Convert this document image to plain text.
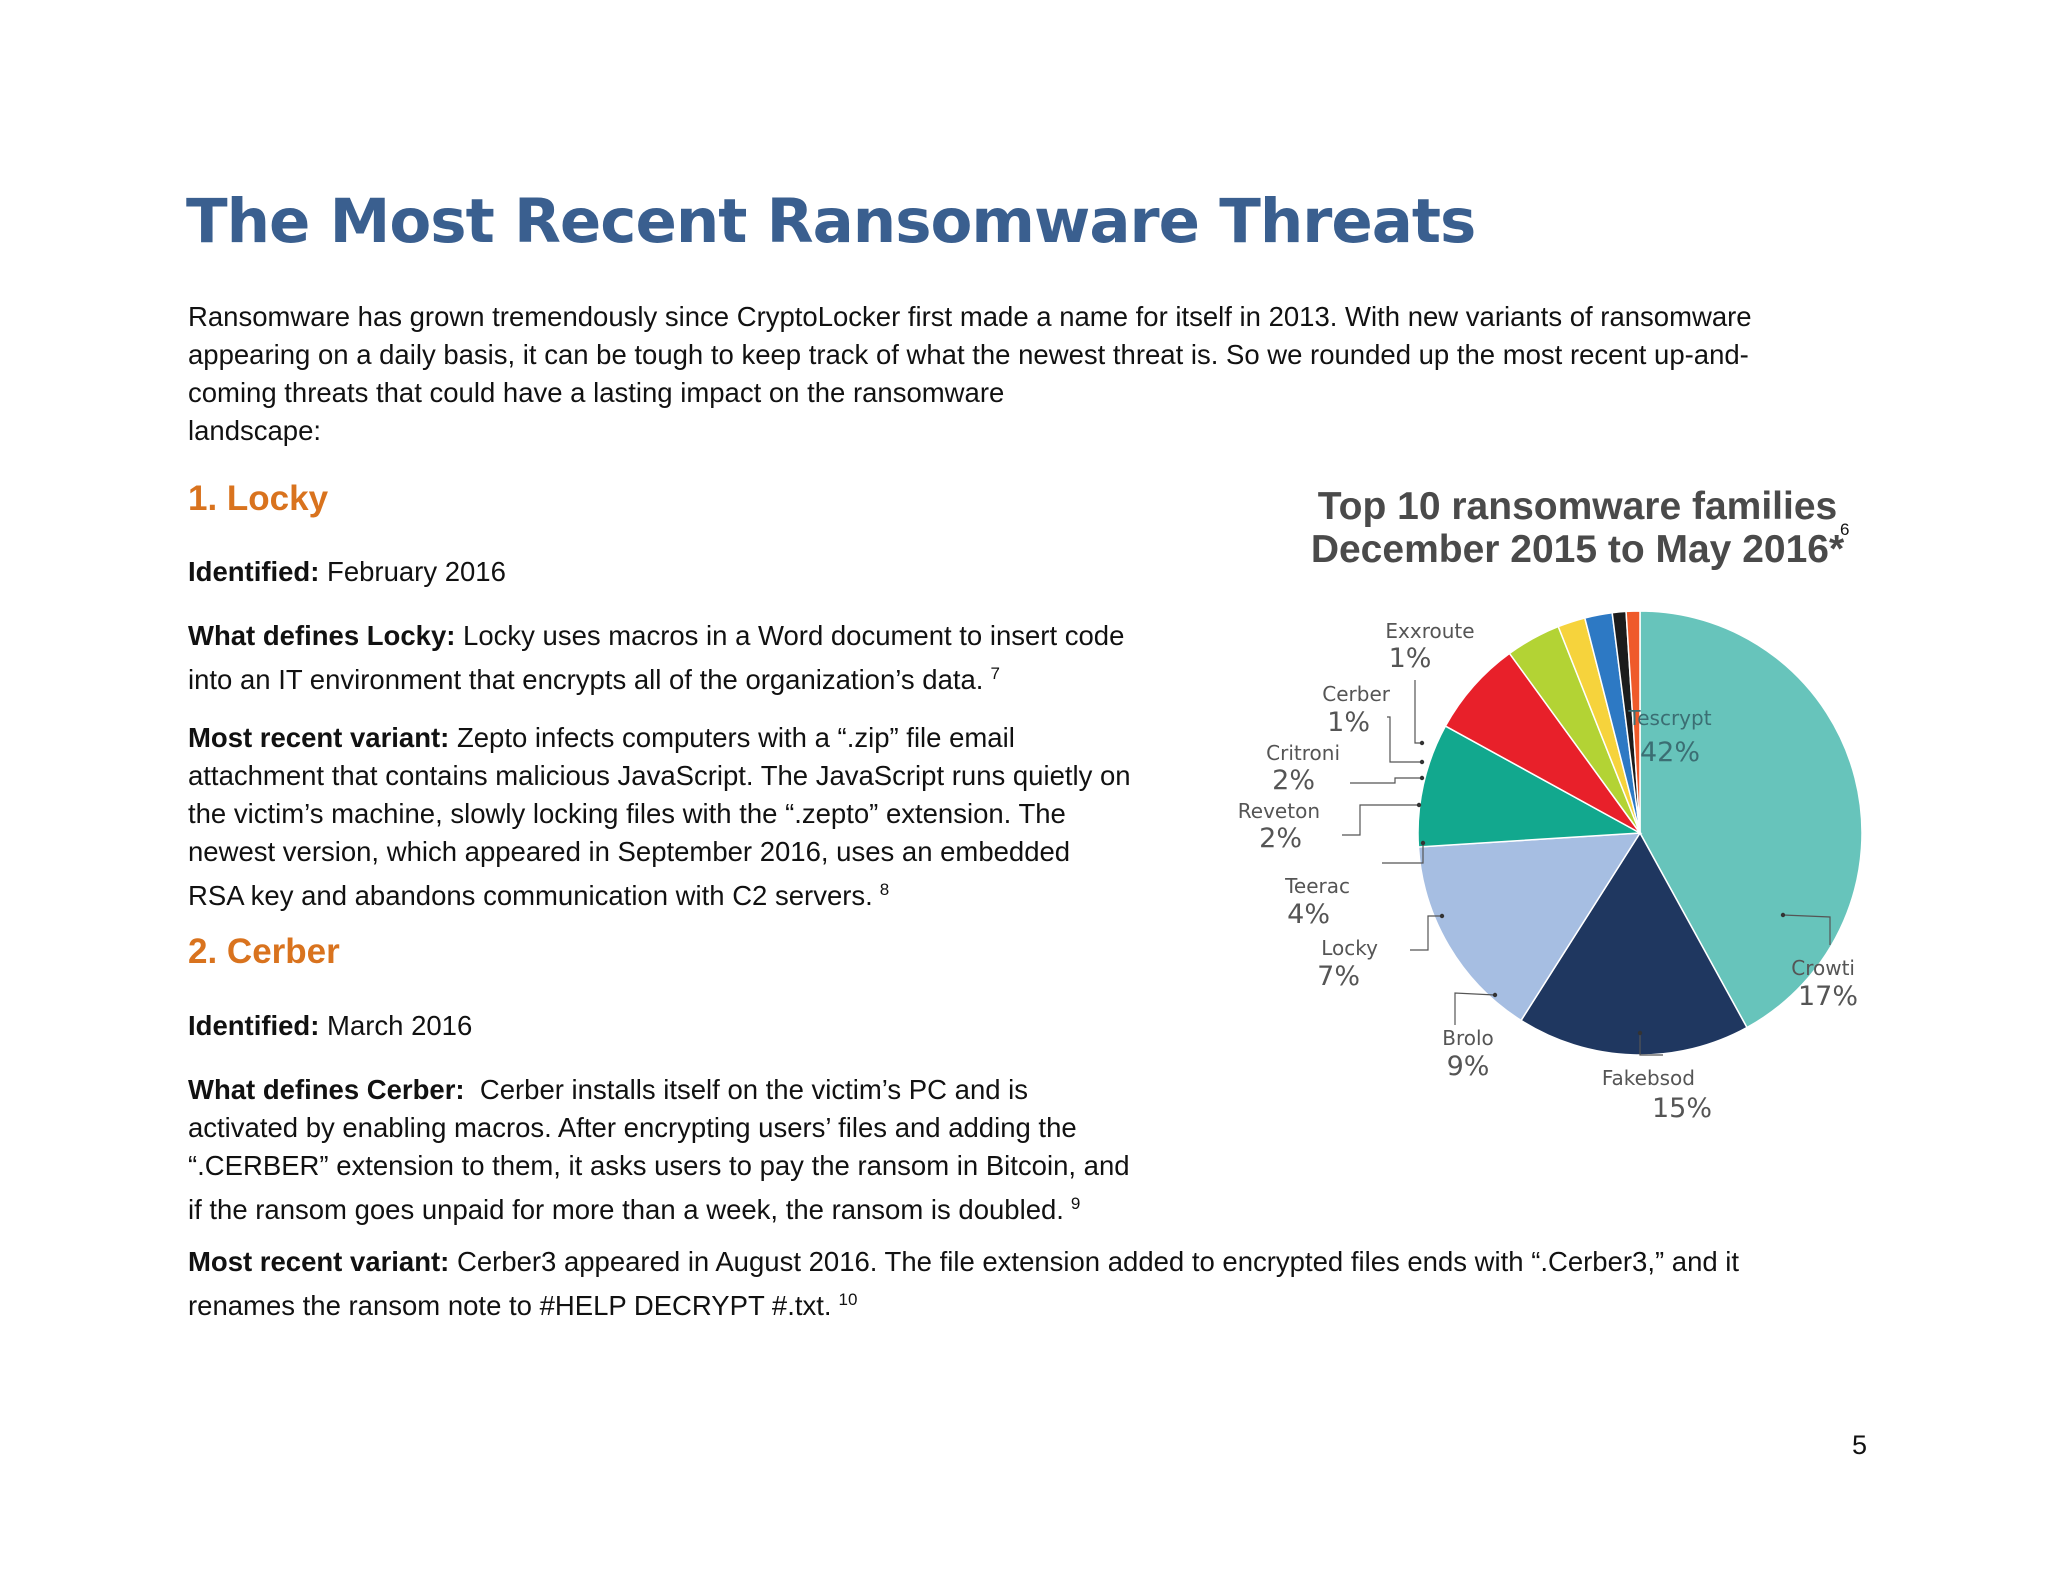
The Most Recent Ransomware Threats

Ransomware has grown tremendously since CryptoLocker first made a name for itself in 2013. With new variants of ransomware
appearing on a daily basis, it can be tough to keep track of what the newest threat is. So we rounded up the most recent up-and-
coming threats that could have a lasting impact on the ransomware
landscape:

1. Locky

Identified: February 2016

What defines Locky: Locky uses macros in a Word document to insert code
into an IT environment that encrypts all of the organization’s data. $^7$

Most recent variant: Zepto infects computers with a “.zip” file email
attachment that contains malicious JavaScript. The JavaScript runs quietly on
the victim’s machine, slowly locking files with the “.zepto” extension. The
newest version, which appeared in September 2016, uses an embedded
RSA key and abandons communication with C2 servers. $^8$

2. Cerber

Identified: March 2016

What defines Cerber:  Cerber installs itself on the victim’s PC and is
activated by enabling macros. After encrypting users’ files and adding the
“.CERBER” extension to them, it asks users to pay the ransom in Bitcoin, and
if the ransom goes unpaid for more than a week, the ransom is doubled. $^9$

Most recent variant: Cerber3 appeared in August 2016. The file extension added to encrypted files ends with “.Cerber3,” and it
renames the ransom note to #HELP DECRYPT #.txt. $^{10}$

Top 10 ransomware families
December 2015 to May 2016*
Tescrypt
42%
Crowti
17%
Fakebsod
15%
Brolo
9%
Locky
7%
Teerac
4%
Reveton
2%
Critroni
2%
Cerber
1%
Exxroute
1%
6
5
